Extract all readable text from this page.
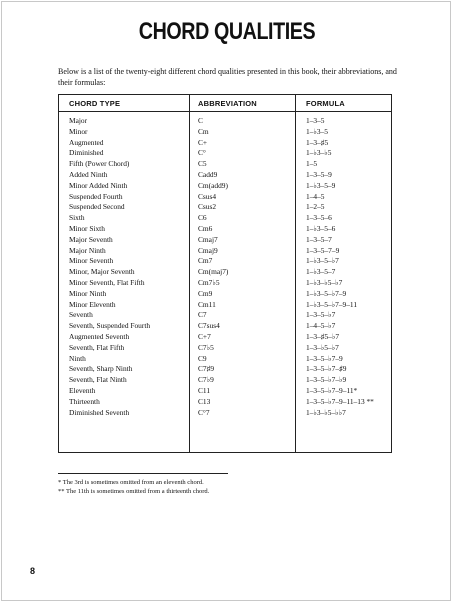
CHORD QUALITIES
Below is a list of the twenty-eight different chord qualities presented in this book, their abbreviations, and their formulas:
CHORD TYPE	ABBREVIATION	FORMULA
Major	C	1–3–5
Minor	Cm	1–♭3–5
Augmented	C+	1–3–♯5
Diminished	C°	1–♭3–♭5
Fifth (Power Chord)	C5	1–5
Added Ninth	Cadd9	1–3–5–9
Minor Added Ninth	Cm(add9)	1–♭3–5–9
Suspended Fourth	Csus4	1–4–5
Suspended Second	Csus2	1–2–5
Sixth	C6	1–3–5–6
Minor Sixth	Cm6	1–♭3–5–6
Major Seventh	Cmaj7	1–3–5–7
Major Ninth	Cmaj9	1–3–5–7–9
Minor Seventh	Cm7	1–♭3–5–♭7
Minor, Major Seventh	Cm(maj7)	1–♭3–5–7
Minor Seventh, Flat Fifth	Cm7♭5	1–♭3–♭5–♭7
Minor Ninth	Cm9	1–♭3–5–♭7–9
Minor Eleventh	Cm11	1–♭3–5–♭7–9–11
Seventh	C7	1–3–5–♭7
Seventh, Suspended Fourth	C7sus4	1–4–5–♭7
Augmented Seventh	C+7	1–3–♯5–♭7
Seventh, Flat Fifth	C7♭5	1–3–♭5–♭7
Ninth	C9	1–3–5–♭7–9
Seventh, Sharp Ninth	C7♯9	1–3–5–♭7–♯9
Seventh, Flat Ninth	C7♭9	1–3–5–♭7–♭9
Eleventh	C11	1–3–5–♭7–9–11*
Thirteenth	C13	1–3–5–♭7–9–11–13 **
Diminished Seventh	C°7	1–♭3–♭5–♭♭7
* The 3rd is sometimes omitted from an eleventh chord.
** The 11th is sometimes omitted from a thirteenth chord.
8
